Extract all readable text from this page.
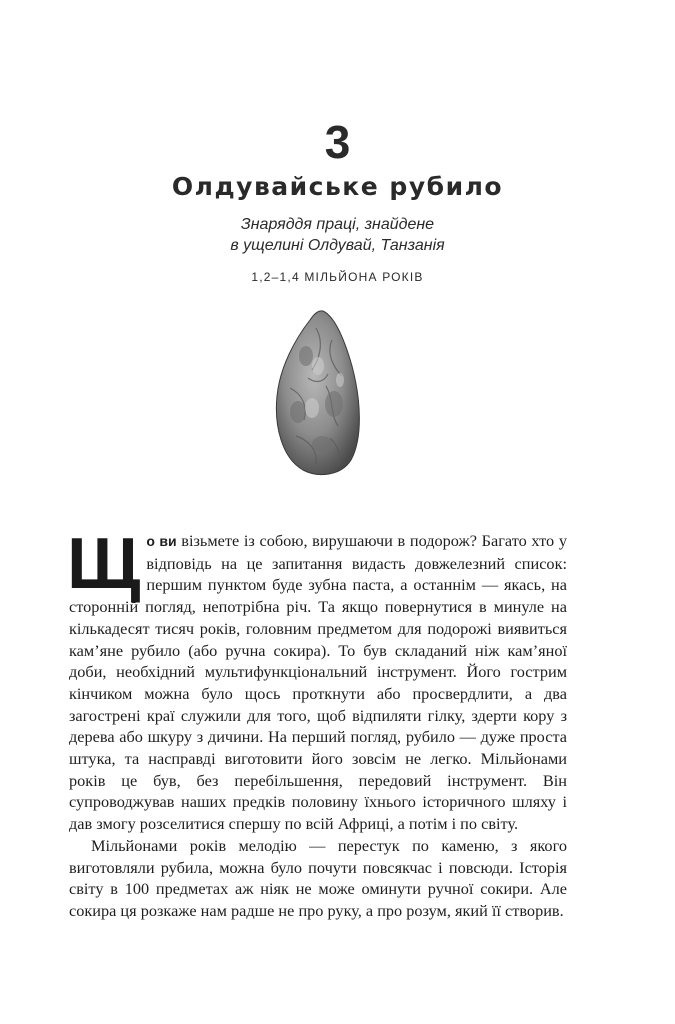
3
Олдувайське рубило
Знаряддя праці, знайдене
в ущелині Олдувай, Танзанія
1,2–1,4 МІЛЬЙОНА РОКІВ

Що ви візьмете із собою, вирушаючи в подорож? Багато хто у відповідь на це запитання видасть довжелезний список: першим пунктом буде зубна паста, а останнім — якась, на сторонній погляд, непотрібна річ. Та якщо повернутися в минуле на кількадесят тисяч років, головним предметом для подорожі виявиться кам’яне рубило (або ручна сокира). То був складаний ніж кам’яної доби, необхідний мультифункціональний інструмент. Його гострим кінчиком можна було щось проткнути або просвердлити, а два загострені краї служили для того, щоб відпиляти гілку, здерти кору з дерева або шкуру з дичини. На перший погляд, рубило — дуже проста штука, та насправді виготовити його зовсім не легко. Мільйонами років це був, без перебільшення, передовий інструмент. Він супроводжував наших предків половину їхнього історичного шляху і дав змогу розселитися спершу по всій Африці, а потім і по світу.

Мільйонами років мелодію — перестук по каменю, з якого виготовляли рубила, можна було почути повсякчас і повсюди. Історія світу в 100 предметах аж ніяк не може оминути ручної сокири. Але сокира ця розкаже нам радше не про руку, а про розум, який її створив.
